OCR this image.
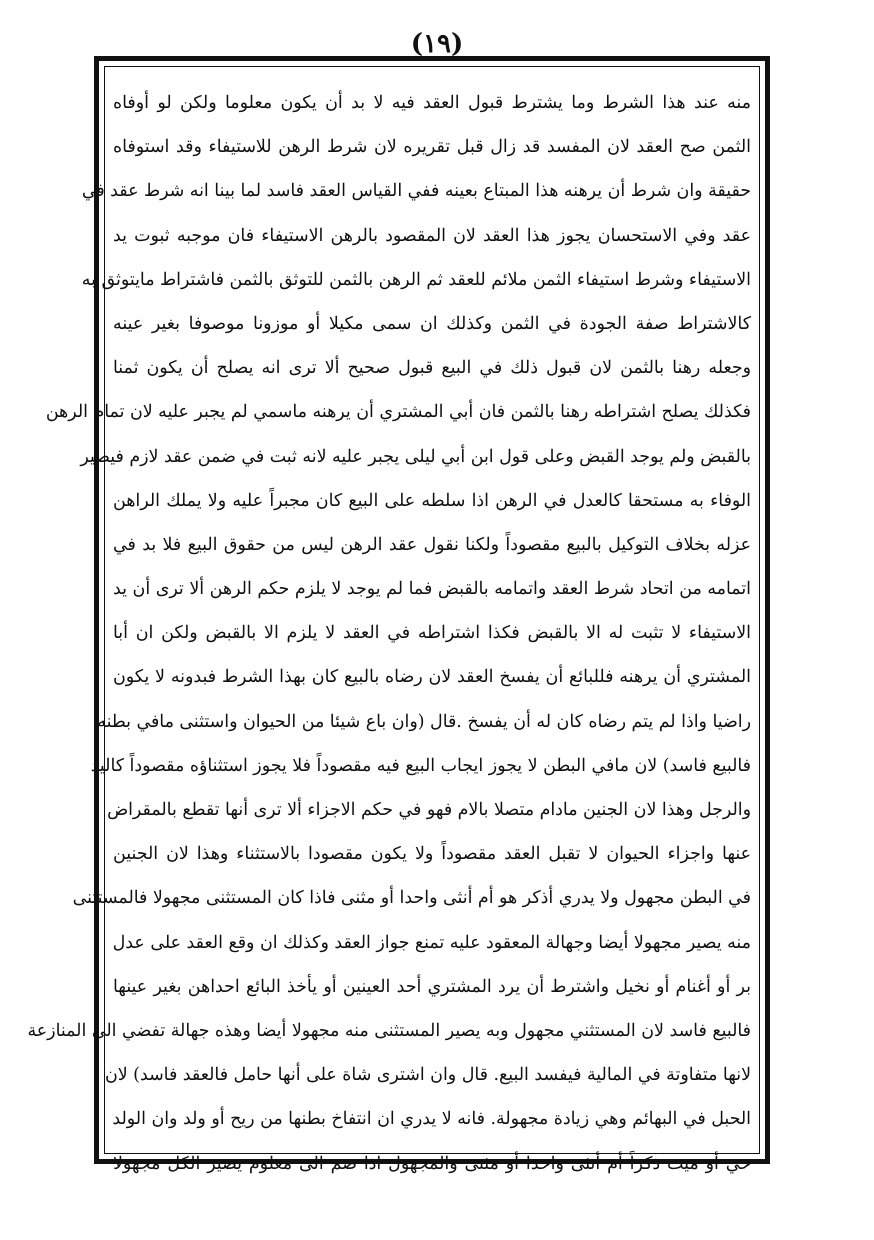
(١٩)
منه عند هذا الشرط وما يشترط قبول العقد فيه لا بد أن يكون معلوما ولكن لو أوفاه
الثمن صح العقد لان المفسد قد زال قبل تقريره لان شرط الرهن للاستيفاء وقد استوفاه
حقيقة وان شرط أن يرهنه هذا المبتاع بعينه ففي القياس العقد فاسد لما بينا انه شرط عقد في
عقد وفي الاستحسان يجوز هذا العقد لان المقصود بالرهن الاستيفاء فان موجبه ثبوت يد
الاستيفاء وشرط استيفاء الثمن ملائم للعقد ثم الرهن بالثمن للتوثق بالثمن فاشتراط مايتوثق به
كالاشتراط صفة الجودة في الثمن وكذلك ان سمى مكيلا أو موزونا موصوفا بغير عينه
وجعله رهنا بالثمن لان قبول ذلك في البيع قبول صحيح ألا ترى انه يصلح أن يكون ثمنا
فكذلك يصلح اشتراطه رهنا بالثمن فان أبي المشتري أن يرهنه ماسمي لم يجبر عليه لان تمام الرهن
بالقبض ولم يوجد القبض وعلى قول ابن أبي ليلى يجبر عليه لانه ثبت في ضمن عقد لازم فيصير
الوفاء به مستحقا كالعدل في الرهن اذا سلطه على البيع كان مجبراً عليه ولا يملك الراهن
عزله بخلاف التوكيل بالبيع مقصوداً ولكنا نقول عقد الرهن ليس من حقوق البيع فلا بد في
اتمامه من اتحاد شرط العقد واتمامه بالقبض فما لم يوجد لا يلزم حكم الرهن ألا ترى أن يد
الاستيفاء لا تثبت له الا بالقبض فكذا اشتراطه في العقد لا يلزم الا بالقبض ولكن ان أبا
المشتري أن يرهنه فللبائع أن يفسخ العقد لان رضاه بالبيع كان بهذا الشرط فبدونه لا يكون
راضيا واذا لم يتم رضاه كان له أن يفسخ .قال (وان باع شيئا من الحيوان واستثنى مافي بطنه
فالبيع فاسد) لان مافي البطن لا يجوز ايجاب البيع فيه مقصوداً فلا يجوز استثناؤه مقصوداً كاليد
والرجل وهذا لان الجنين مادام متصلا بالام فهو في حكم الاجزاء ألا ترى أنها تقطع بالمقراض
عنها واجزاء الحيوان لا تقبل العقد مقصوداً ولا يكون مقصودا بالاستثناء وهذا لان الجنين
في البطن مجهول ولا يدري أذكر هو أم أنثى واحدا أو مثنى فاذا كان المستثنى مجهولا فالمستثنى
منه يصير مجهولا أيضا وجهالة المعقود عليه تمنع جواز العقد وكذلك ان وقع العقد على عدل
بر أو أغنام أو نخيل واشترط أن يرد المشتري أحد العينين أو يأخذ البائع احداهن بغير عينها
فالبيع فاسد لان المستثني مجهول وبه يصير المستثنى منه مجهولا أيضا وهذه جهالة تفضي الى المنازعة
لانها متفاوتة في المالية فيفسد البيع. قال وان اشترى شاة على أنها حامل فالعقد فاسد) لان
الحبل في البهائم وهي زيادة مجهولة. فانه لا يدري ان انتفاخ بطنها من ريح أو ولد وان الولد
حي أو ميت ذكراً أم أنثى واحدا أو مثنى والمجهول اذا ضم الى معلوم يصير الكل مجهولا
